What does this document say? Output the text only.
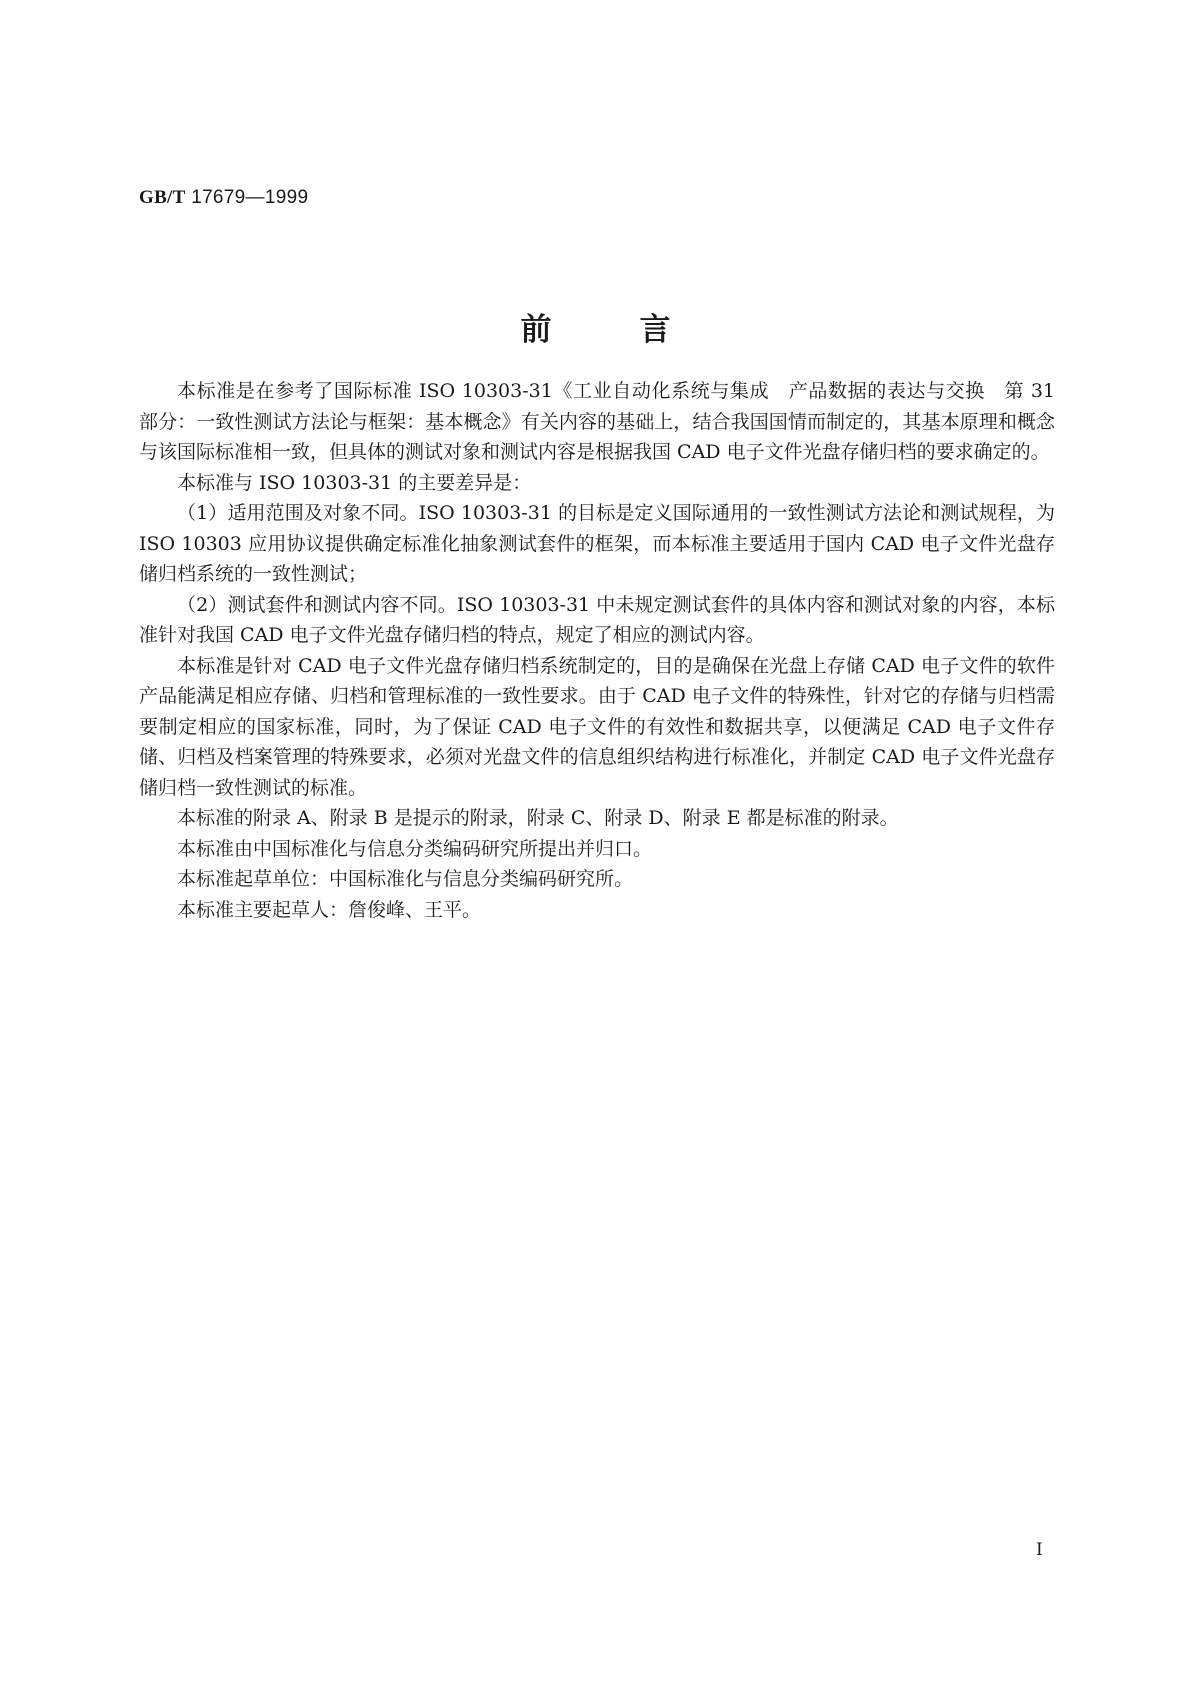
GB/T 17679—1999
前言

本标准是在参考了国际标准 ISO 10303-31《工业自动化系统与集成　产品数据的表达与交换　第 31 部分：一致性测试方法论与框架：基本概念》有关内容的基础上，结合我国国情而制定的，其基本原理和概念与该国际标准相一致，但具体的测试对象和测试内容是根据我国 CAD 电子文件光盘存储归档的要求确定的。

本标准与 ISO 10303-31 的主要差异是：

（1）适用范围及对象不同。ISO 10303-31 的目标是定义国际通用的一致性测试方法论和测试规程，为 ISO 10303 应用协议提供确定标准化抽象测试套件的框架，而本标准主要适用于国内 CAD 电子文件光盘存储归档系统的一致性测试；

（2）测试套件和测试内容不同。ISO 10303-31 中未规定测试套件的具体内容和测试对象的内容，本标准针对我国 CAD 电子文件光盘存储归档的特点，规定了相应的测试内容。

本标准是针对 CAD 电子文件光盘存储归档系统制定的，目的是确保在光盘上存储 CAD 电子文件的软件产品能满足相应存储、归档和管理标准的一致性要求。由于 CAD 电子文件的特殊性，针对它的存储与归档需要制定相应的国家标准，同时，为了保证 CAD 电子文件的有效性和数据共享，以便满足 CAD 电子文件存储、归档及档案管理的特殊要求，必须对光盘文件的信息组织结构进行标准化，并制定 CAD 电子文件光盘存储归档一致性测试的标准。

本标准的附录 A、附录 B 是提示的附录，附录 C、附录 D、附录 E 都是标准的附录。

本标准由中国标准化与信息分类编码研究所提出并归口。

本标准起草单位：中国标准化与信息分类编码研究所。

本标准主要起草人：詹俊峰、王平。

I
